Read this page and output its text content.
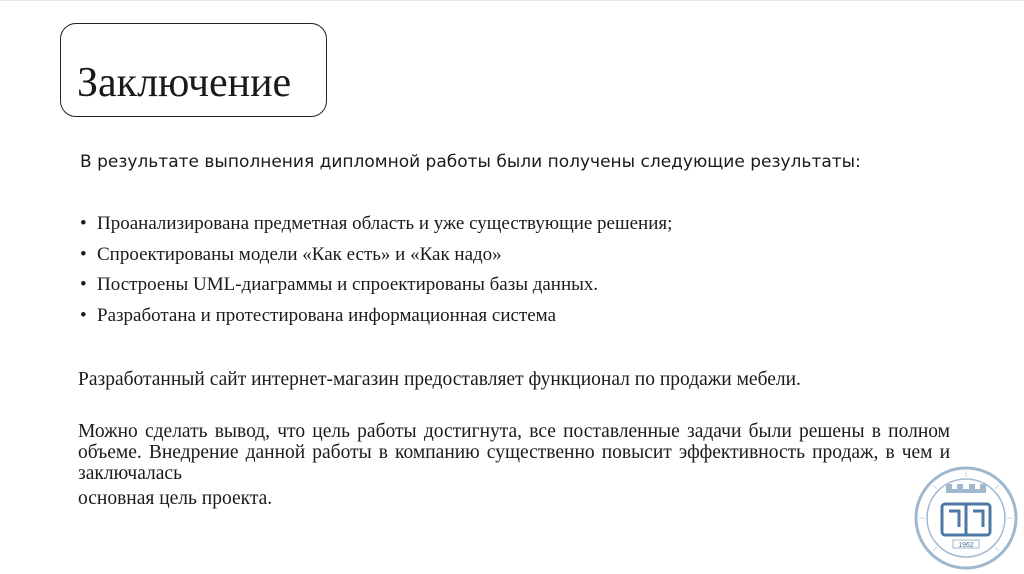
Заключение
В результате выполнения дипломной работы были получены следующие результаты:
• Проанализирована предметная область и уже существующие решения;
• Спроектированы модели «Как есть» и «Как надо»
• Построены UML-диаграммы и спроектированы базы данных.
• Разработана и протестирована информационная система
Разработанный сайт интернет-магазин предоставляет функционал по продажи мебели.
Можно сделать вывод, что цель работы достигнута, все поставленные задачи были решены в полном объеме. Внедрение данной работы в компанию существенно повысит эффективность продаж, в чем и заключалась
основная цель проекта.
1962
